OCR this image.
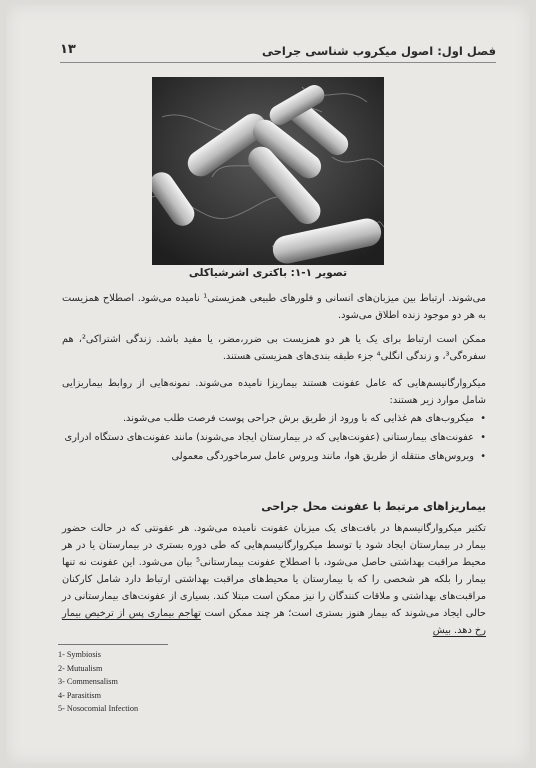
فصل اول: اصول میکروب شناسی جراحی
۱۳
تصویر ۱-۱: باکتری اشرشیاکلی

می‌شوند. ارتباط بین میزبان‌های انسانی و فلورهای طبیعی همزیستی¹ نامیده می‌شود. اصطلاح همزیست به هر دو موجود زنده اطلاق می‌شود.

ممکن است ارتباط برای یک یا هر دو همزیست بی ضرر،مضر، یا مفید باشد. زندگی اشتراکی²، هم سفره‌گی³، و زندگی انگلی⁴ جزء طبقه بندی‌های همزیستی هستند.

میکروارگانیسم‌هایی که عامل عفونت هستند بیماریزا نامیده می‌شوند. نمونه‌هایی از روابط بیماریزایی شامل موارد زیر هستند:

• میکروب‌های هم غذایی که با ورود از طریق برش جراحی پوست فرصت طلب می‌شوند.
• عفونت‌های بیمارستانی (عفونت‌هایی که در بیمارستان ایجاد می‌شوند) مانند عفونت‌های دستگاه ادراری
• ویروس‌های منتقله از طریق هوا، مانند ویروس عامل سرماخوردگی معمولی
بیماریزاهای مرتبط با عفونت محل جراحی

تکثیر میکروارگانیسم‌ها در بافت‌های یک میزبان عفونت نامیده می‌شود. هر عفونتی که در حالت حضور بیمار در بیمارستان ایجاد شود یا توسط میکروارگانیسم‌هایی که طی دوره بستری در بیمارستان یا در هر محیط مراقبت بهداشتی حاصل می‌شود، با اصطلاح عفونت بیمارستانی⁵ بیان می‌شود. این عفونت نه تنها بیمار را بلکه هر شخصی را که با بیمارستان یا محیط‌های مراقبت بهداشتی ارتباط دارد شامل کارکنان مراقبت‌های بهداشتی و ملاقات کنندگان را نیز ممکن است مبتلا کند. بسیاری از عفونت‌های بیمارستانی در حالی ایجاد می‌شوند که بیمار هنوز بستری است؛ هر چند ممکن است تهاجم بیماری پس از ترخیص بیمار رخ دهد. بیش

1- Symbiosis
2- Mutualism
3- Commensalism
4- Parasitism
5- Nosocomial Infection
